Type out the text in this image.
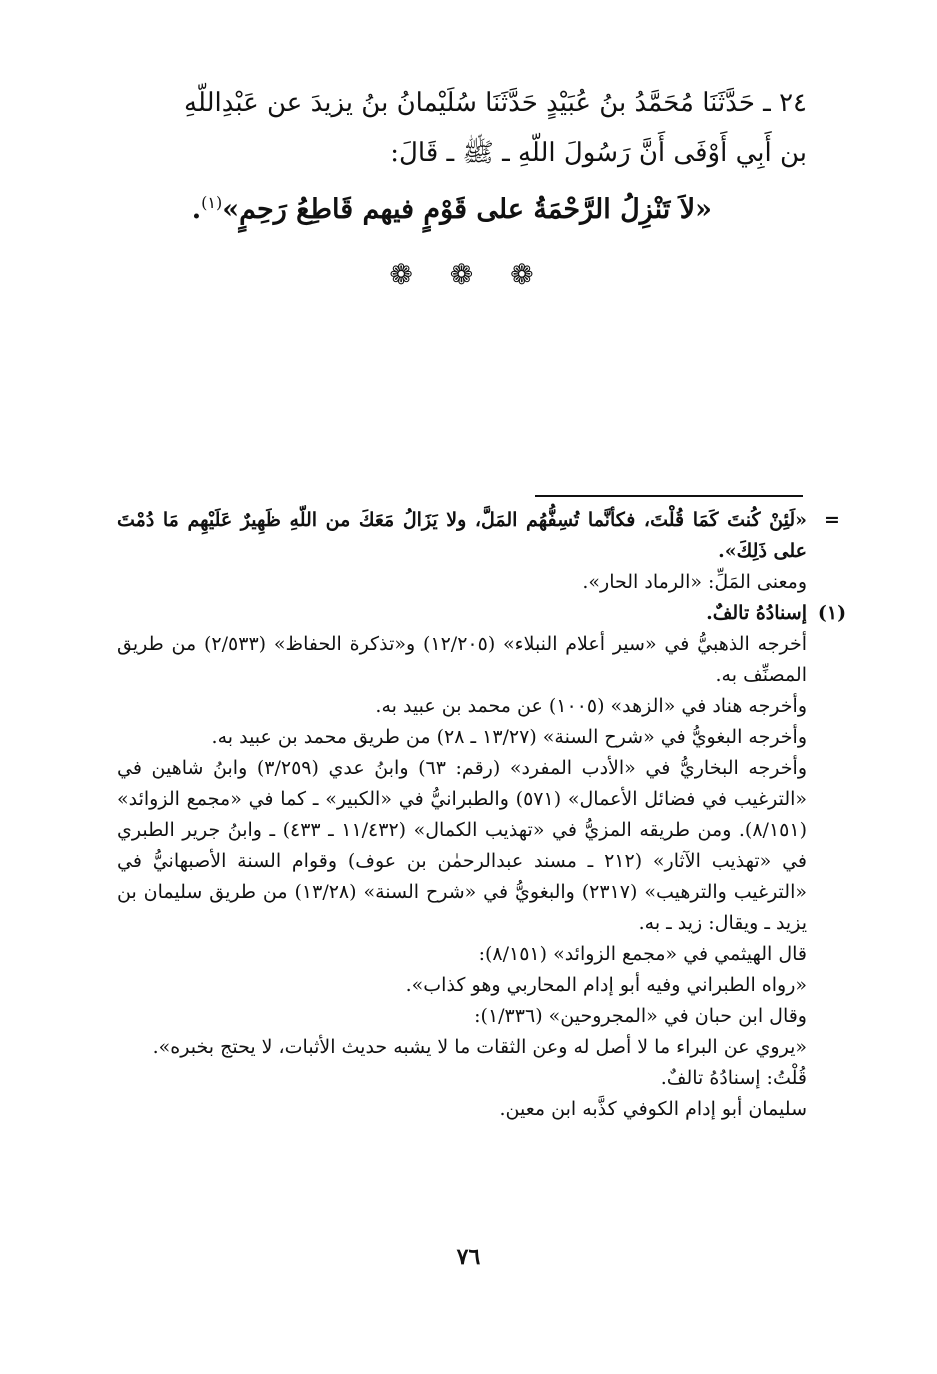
٢٤ ـ حَدَّثَنَا مُحَمَّدُ بنُ عُبَيْدٍ حَدَّثَنَا سُلَيْمانُ بنُ يزيدَ عن عَبْدِاللّهِ

بن أَبِي أَوْفَى أَنَّ رَسُولَ اللّهِ ـ ﷺ ـ قَالَ:

«لاَ تَنْزِلُ الرَّحْمَةُ على قَوْمٍ فيهم قَاطِعُ رَحِمٍ»$^{(١)}$.
❁ ❁ ❁
=

«لَئِنْ كُنتَ كَمَا قُلْتَ، فكأنَّما تُسِفُّهُم المَلَّ، ولا يَزَالُ مَعَكَ من اللّهِ ظَهِيرٌ عَلَيْهِم مَا دُمْتَ على ذَلِكَ».

ومعنى المَلِّ: «الرماد الحار».

(١)

إسنادُهُ تالفٌ.

أخرجه الذهبيُّ في «سير أعلام النبلاء» (١٢/٢٠٥) و«تذكرة الحفاظ» (٢/٥٣٣) من طريق المصنِّف به.

وأخرجه هناد في «الزهد» (١٠٠٥) عن محمد بن عبيد به.

وأخرجه البغويُّ في «شرح السنة» (١٣/٢٧ ـ ٢٨) من طريق محمد بن عبيد به.

وأخرجه البخاريُّ في «الأدب المفرد» (رقم: ٦٣) وابنُ عدي (٣/٢٥٩) وابنُ شاهين في «الترغيب في فضائل الأعمال» (٥٧١) والطبرانيُّ في «الكبير» ـ كما في «مجمع الزوائد» (٨/١٥١). ومن طريقه المزيُّ في «تهذيب الكمال» (١١/٤٣٢ ـ ٤٣٣) ـ وابنُ جرير الطبري في «تهذيب الآثار» (٢١٢ ـ مسند عبدالرحمٰن بن عوف) وقوام السنة الأصبهانيُّ في «الترغيب والترهيب» (٢٣١٧) والبغويُّ في «شرح السنة» (١٣/٢٨) من طريق سليمان بن يزيد ـ ويقال: زيد ـ به.

قال الهيثمي في «مجمع الزوائد» (٨/١٥١):

«رواه الطبراني وفيه أبو إدام المحاربي وهو كذاب».

وقال ابن حبان في «المجروحين» (١/٣٣٦):

«يروي عن البراء ما لا أصل له وعن الثقات ما لا يشبه حديث الأثبات، لا يحتج بخبره».

قُلْتُ: إسنادُهُ تالفٌ.

سليمان أبو إدام الكوفي كذَّبه ابن معين.

٧٦
